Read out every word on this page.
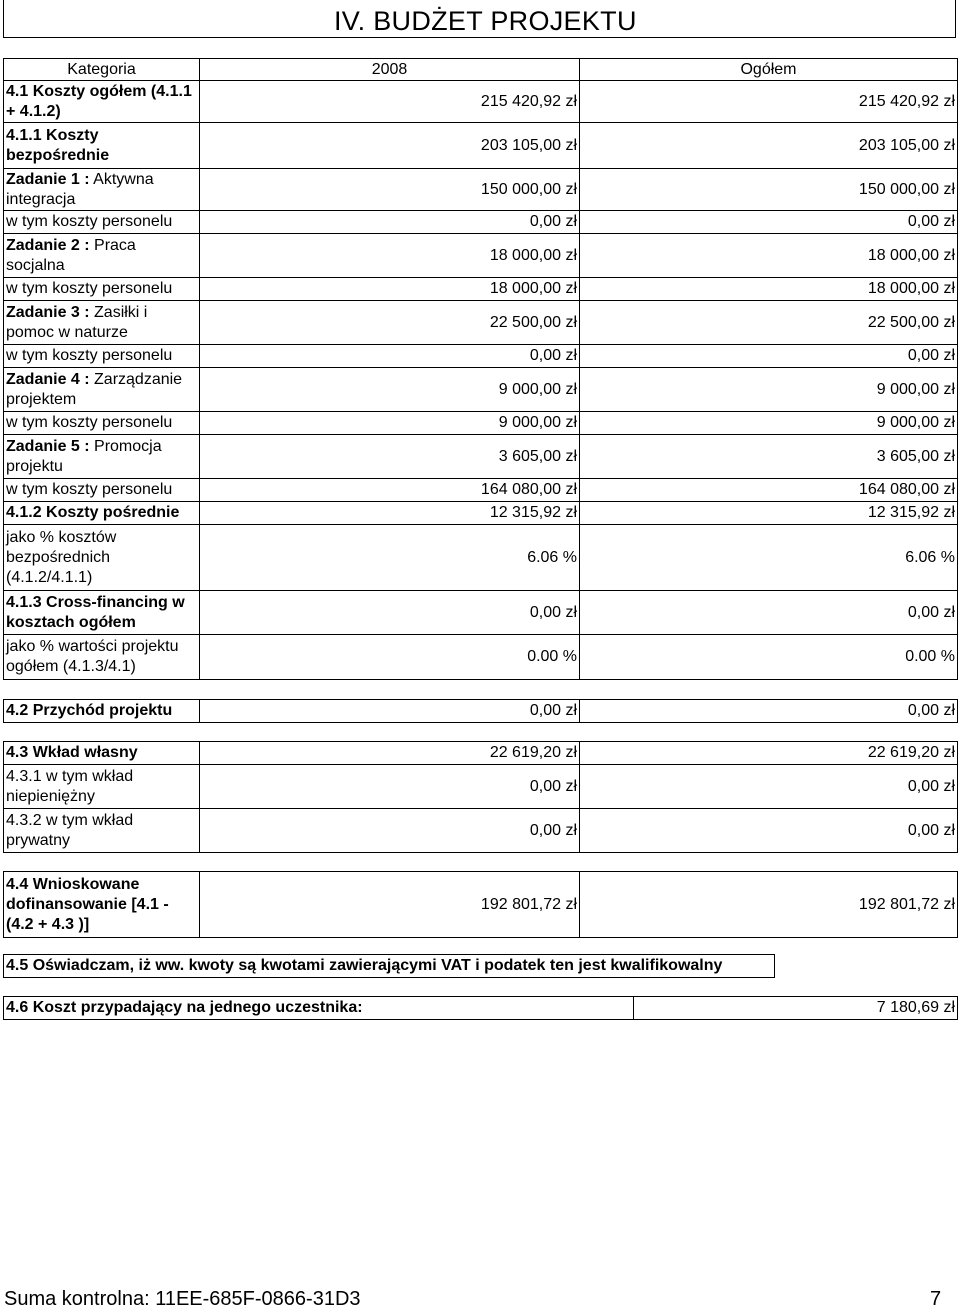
IV. BUDŻET PROJEKTU
Kategoria	2008	Ogółem
4.1 Koszty ogółem (4.1.1 + 4.1.2)	215 420,92 zł	215 420,92 zł
4.1.1 Koszty bezpośrednie	203 105,00 zł	203 105,00 zł
Zadanie 1 : Aktywna integracja	150 000,00 zł	150 000,00 zł
w tym koszty personelu	0,00 zł	0,00 zł
Zadanie 2 : Praca socjalna	18 000,00 zł	18 000,00 zł
w tym koszty personelu	18 000,00 zł	18 000,00 zł
Zadanie 3 : Zasiłki i pomoc w naturze	22 500,00 zł	22 500,00 zł
w tym koszty personelu	0,00 zł	0,00 zł
Zadanie 4 : Zarządzanie projektem	9 000,00 zł	9 000,00 zł
w tym koszty personelu	9 000,00 zł	9 000,00 zł
Zadanie 5 : Promocja projektu	3 605,00 zł	3 605,00 zł
w tym koszty personelu	164 080,00 zł	164 080,00 zł
4.1.2 Koszty pośrednie	12 315,92 zł	12 315,92 zł
jako % kosztów bezpośrednich (4.1.2/4.1.1)	6.06 %	6.06 %
4.1.3 Cross-financing w kosztach ogółem	0,00 zł	0,00 zł
jako % wartości projektu ogółem (4.1.3/4.1)	0.00 %	0.00 %
4.2 Przychód projektu	0,00 zł	0,00 zł
4.3 Wkład własny	22 619,20 zł	22 619,20 zł
4.3.1 w tym wkład niepieniężny	0,00 zł	0,00 zł
4.3.2 w tym wkład prywatny	0,00 zł	0,00 zł
4.4 Wnioskowane dofinansowanie [4.1 - (4.2 + 4.3 )]	192 801,72 zł	192 801,72 zł
4.5 Oświadczam, iż ww. kwoty są kwotami zawierającymi VAT i podatek ten jest kwalifikowalny
4.6 Koszt przypadający na jednego uczestnika:	7 180,69 zł
Suma kontrolna: 11EE-685F-0866-31D3	7
